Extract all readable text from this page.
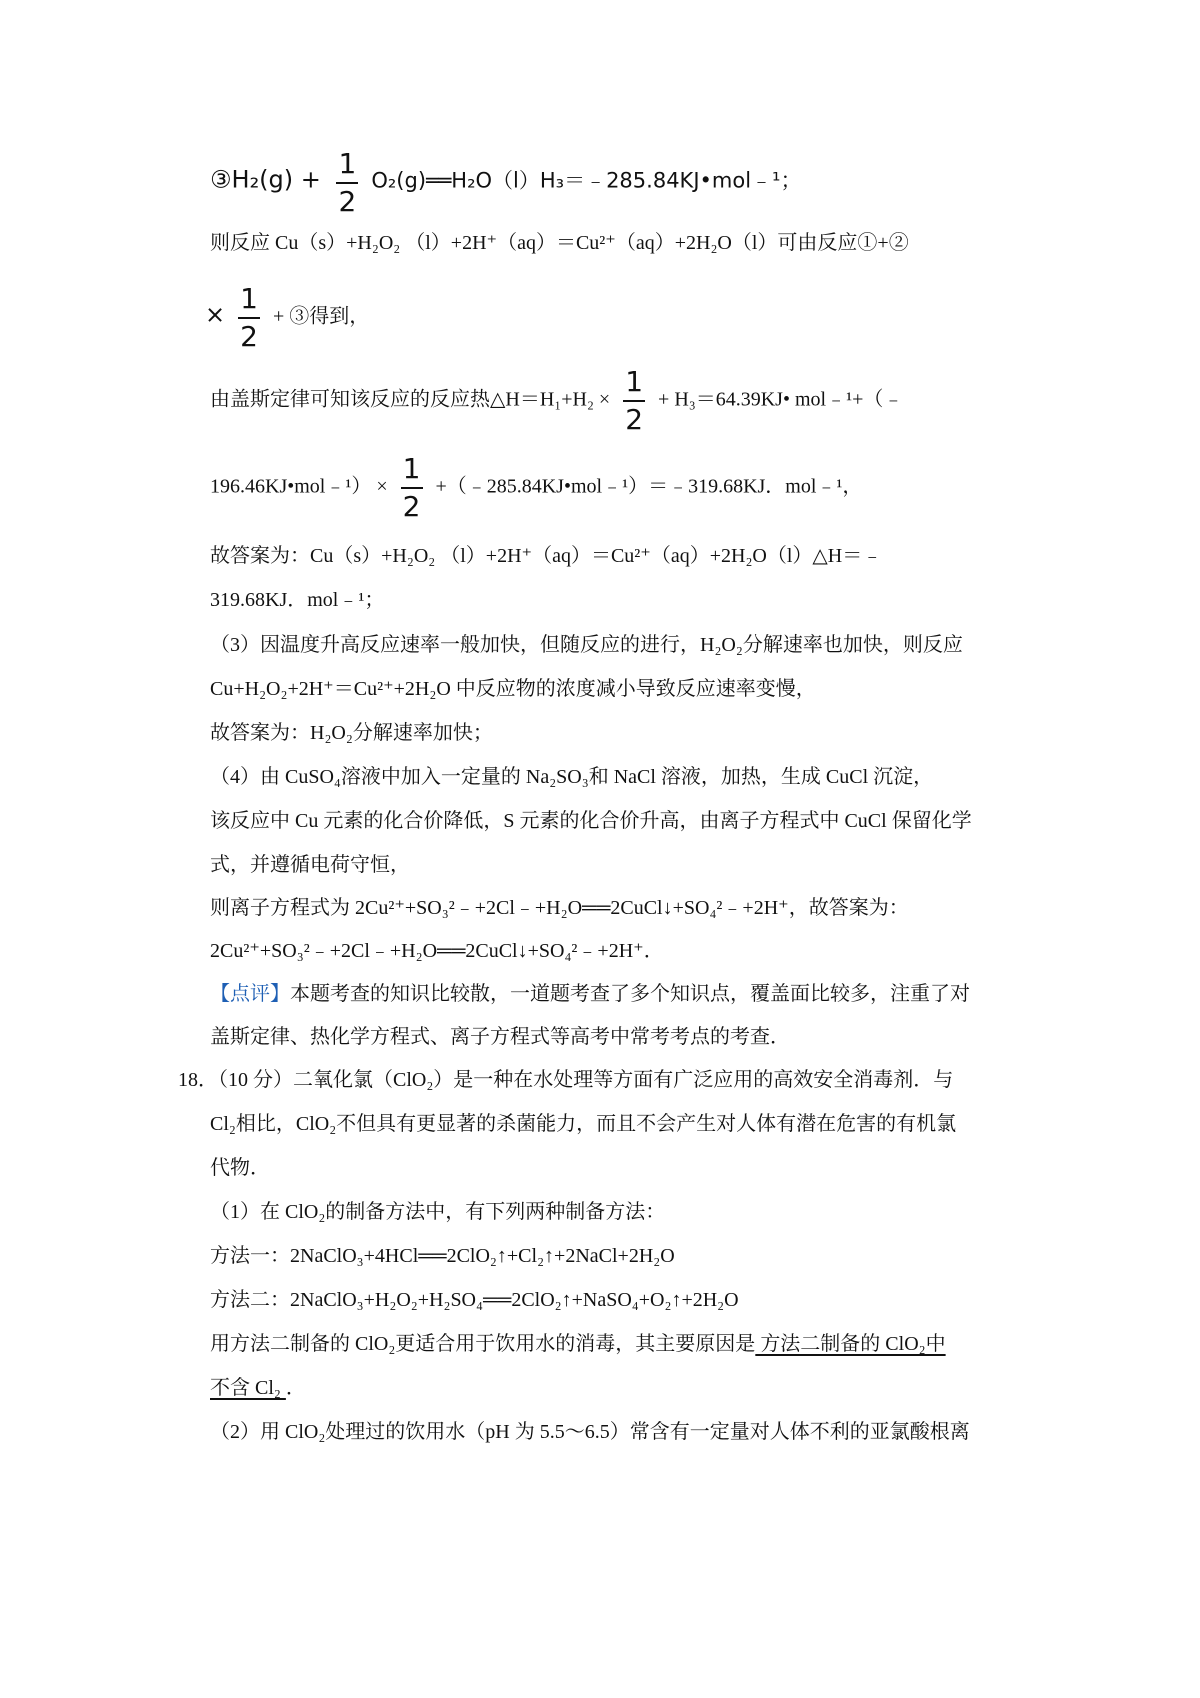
③H₂(g) + $\frac{1}{2}$ O₂(g)══H₂O（l）H₃＝﹣285.84KJ•mol﹣¹；
则反应 Cu（s）+H₂O₂ （l）+2H⁺（aq）＝Cu²⁺（aq）+2H₂O（l）可由反应①+②
× $\frac{1}{2}$ + ③得到，
由盖斯定律可知该反应的反应热△H＝H₁+H₂ × $\frac{1}{2}$ + H₃＝64.39KJ• mol﹣¹+（﹣
196.46KJ•mol﹣¹） × $\frac{1}{2}$ +（﹣285.84KJ•mol﹣¹）＝﹣319.68KJ．mol﹣¹，
故答案为：Cu（s）+H₂O₂ （l）+2H⁺（aq）＝Cu²⁺（aq）+2H₂O（l）△H＝﹣
319.68KJ．mol﹣¹；
（3）因温度升高反应速率一般加快，但随反应的进行，H₂O₂分解速率也加快，则反应
Cu+H₂O₂+2H⁺＝Cu²⁺+2H₂O 中反应物的浓度减小导致反应速率变慢，
故答案为：H₂O₂分解速率加快；
（4）由 CuSO₄溶液中加入一定量的 Na₂SO₃和 NaCl 溶液，加热，生成 CuCl 沉淀，
该反应中 Cu 元素的化合价降低，S 元素的化合价升高，由离子方程式中 CuCl 保留化学
式，并遵循电荷守恒，
则离子方程式为 2Cu²⁺+SO₃²﹣+2Cl﹣+H₂O══2CuCl↓+SO₄²﹣+2H⁺，故答案为：
2Cu²⁺+SO₃²﹣+2Cl﹣+H₂O══2CuCl↓+SO₄²﹣+2H⁺．
【点评】本题考查的知识比较散，一道题考查了多个知识点，覆盖面比较多，注重了对
盖斯定律、热化学方程式、离子方程式等高考中常考考点的考查．
18．（10 分）二氧化氯（ClO₂）是一种在水处理等方面有广泛应用的高效安全消毒剂．与
Cl₂相比，ClO₂不但具有更显著的杀菌能力，而且不会产生对人体有潜在危害的有机氯
代物．
（1）在 ClO₂的制备方法中，有下列两种制备方法：
方法一：2NaClO₃+4HCl══2ClO₂↑+Cl₂↑+2NaCl+2H₂O
方法二：2NaClO₃+H₂O₂+H₂SO₄══2ClO₂↑+NaSO₄+O₂↑+2H₂O
用方法二制备的 ClO₂更适合用于饮用水的消毒，其主要原因是 方法二制备的 ClO₂中
不含 Cl₂ ．
（2）用 ClO₂处理过的饮用水（pH 为 5.5～6.5）常含有一定量对人体不利的亚氯酸根离
